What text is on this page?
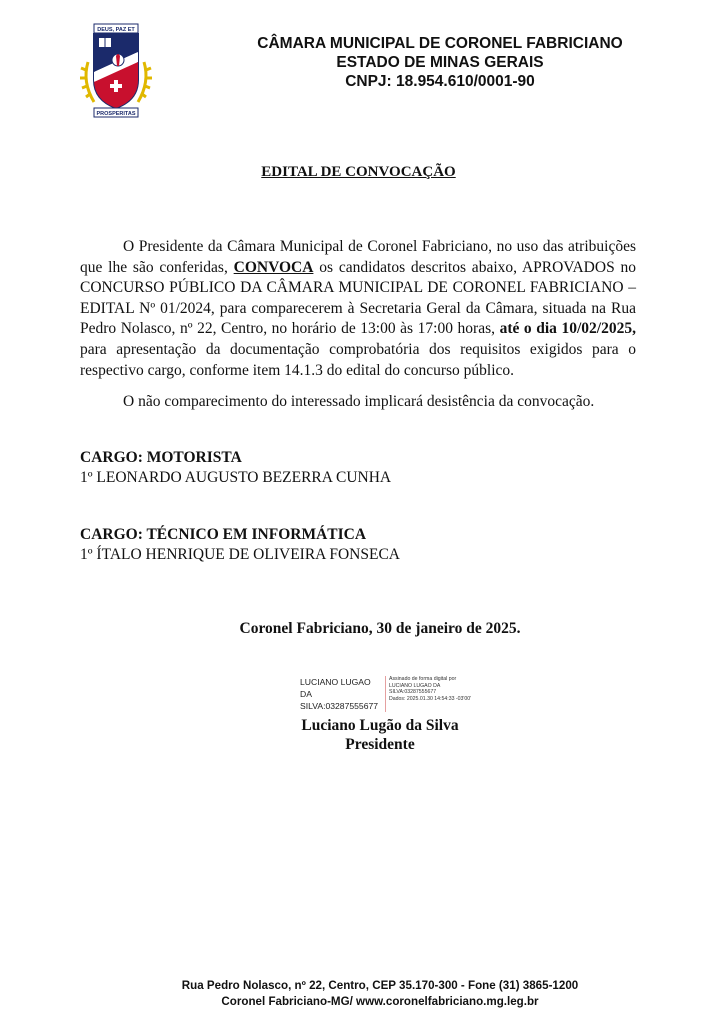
DEUS, PAZ ET
PROSPERITAS
CÂMARA MUNICIPAL DE CORONEL FABRICIANO
ESTADO DE MINAS GERAIS
CNPJ: 18.954.610/0001-90
EDITAL DE CONVOCAÇÃO
O Presidente da Câmara Municipal de Coronel Fabriciano, no uso das atribuições que lhe são conferidas, CONVOCA os candidatos descritos abaixo, APROVADOS no CONCURSO PÚBLICO DA CÂMARA MUNICIPAL DE CORONEL FABRICIANO – EDITAL Nº 01/2024, para comparecerem à Secretaria Geral da Câmara, situada na Rua Pedro Nolasco, nº 22, Centro, no horário de 13:00 às 17:00 horas, até o dia 10/02/2025, para apresentação da documentação comprobatória dos requisitos exigidos para o respectivo cargo, conforme item 14.1.3 do edital do concurso público.
O não comparecimento do interessado implicará desistência da convocação.
CARGO: MOTORISTA
1º LEONARDO AUGUSTO BEZERRA CUNHA
CARGO: TÉCNICO EM INFORMÁTICA
1º ÍTALO HENRIQUE DE OLIVEIRA FONSECA
Coronel Fabriciano, 30 de janeiro de 2025.
LUCIANO LUGAO
DA
SILVA:03287555677
Assinado de forma digital por
LUCIANO LUGAO DA
SILVA:03287555677
Dados: 2025.01.30 14:54:33 -03'00'
Luciano Lugão da Silva
Presidente
Rua Pedro Nolasco, nº 22, Centro, CEP 35.170-300 - Fone (31) 3865-1200
Coronel Fabriciano-MG/ www.coronelfabriciano.mg.leg.br
